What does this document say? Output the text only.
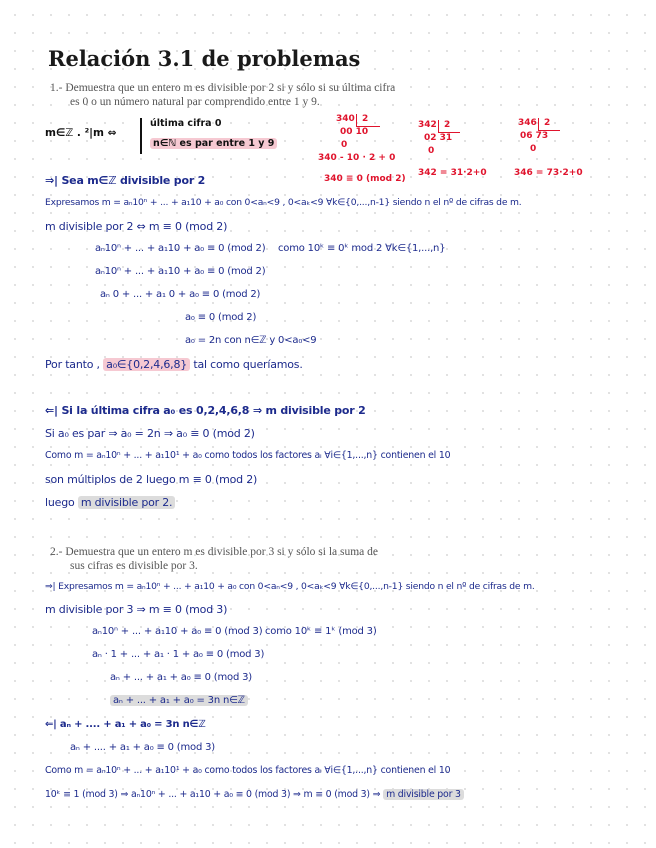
Relación 3.1 de problemas
1.- Demuestra que un entero m es divisible por 2 si y sólo si su última cifra
es 0 o un número natural par comprendido entre 1 y 9.
m∈ℤ . ²|m ⇔
última cifra 0
n∈ℕ es par entre 1 y 9
340 2
00 10
0
340 - 10 · 2 + 0
340 ≡ 0 (mod 2)
342 2
02 31
0
342 = 31·2+0
346 2
06 73
0
346 = 73·2+0
⇒| Sea m∈ℤ divisible por 2
Expresamos m = aₙ10ⁿ + ... + a₁10 + a₀ con 0<aₙ<9 , 0<aₖ<9 ∀k∈{0,...,n-1} siendo n el nº de cifras de m.
m divisible por 2 ⇔ m ≡ 0 (mod 2)
aₙ10ⁿ + ... + a₁10 + a₀ ≡ 0 (mod 2) como 10ᵏ ≡ 0ᵏ mod 2 ∀k∈{1,...,n}
aₙ10ⁿ + ... + a₁10 + a₀ ≡ 0 (mod 2)
aₙ 0 + ... + a₁ 0 + a₀ ≡ 0 (mod 2)
a₀ ≡ 0 (mod 2)
a₀ = 2n con n∈ℤ y 0<a₀<9
Por tanto , a₀∈{0,2,4,6,8} tal como queríamos.
⇐| Si la última cifra a₀ es 0,2,4,6,8 ⇒ m divisible por 2
Si a₀ es par ⇒ a₀ = 2n ⇒ a₀ ≡ 0 (mod 2)
Como m = aₙ10ⁿ + ... + a₁10¹ + a₀ como todos los factores aᵢ ∀i∈{1,...,n} contienen el 10
son múltiplos de 2 luego m ≡ 0 (mod 2)
luego m divisible por 2.
2.- Demuestra que un entero m es divisible por 3 si y sólo si la suma de
sus cifras es divisible por 3.
⇒| Expresamos m = aₙ10ⁿ + ... + a₁10 + a₀ con 0<aₙ<9 , 0<aₖ<9 ∀k∈{0,...,n-1} siendo n el nº de cifras de m.
m divisible por 3 ⇒ m ≡ 0 (mod 3)
aₙ10ⁿ + ... + a₁10 + a₀ ≡ 0 (mod 3) como 10ᵏ ≡ 1ᵏ (mod 3)
aₙ · 1 + ... + a₁ · 1 + a₀ ≡ 0 (mod 3)
aₙ + ... + a₁ + a₀ ≡ 0 (mod 3)
aₙ + ... + a₁ + a₀ = 3n n∈ℤ
⇐| aₙ + .... + a₁ + a₀ = 3n n∈ℤ
aₙ + .... + a₁ + a₀ ≡ 0 (mod 3)
Como m = aₙ10ⁿ + ... + a₁10¹ + a₀ como todos los factores aᵢ ∀i∈{1,...,n} contienen el 10
10ᵏ ≡ 1 (mod 3) ⇒ aₙ10ⁿ + ... + a₁10 + a₀ ≡ 0 (mod 3) ⇒ m ≡ 0 (mod 3) ⇒ m divisible por 3
